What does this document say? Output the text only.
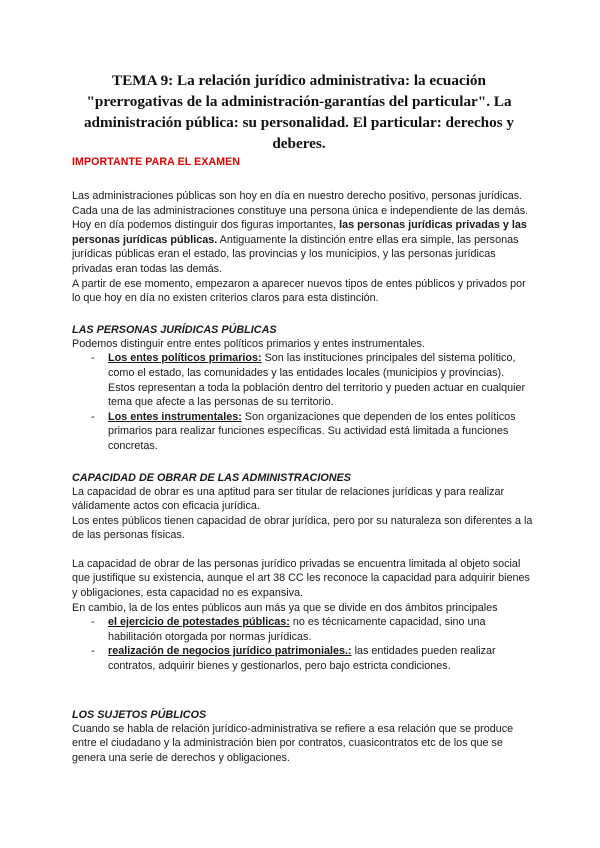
TEMA 9: La relación jurídico administrativa: la ecuación "prerrogativas de la administración-garantías del particular". La administración pública: su personalidad. El particular: derechos y deberes.
IMPORTANTE PARA EL EXAMEN

Las administraciones públicas son hoy en día en nuestro derecho positivo, personas jurídicas. Cada una de las administraciones constituye una persona única e independiente de las demás.

Hoy en día podemos distinguir dos figuras importantes, las personas jurídicas privadas y las personas jurídicas públicas. Antiguamente la distinción entre ellas era simple, las personas jurídicas públicas eran el estado, las provincias y los municipios, y las personas jurídicas privadas eran todas las demás.

A partir de ese momento, empezaron a aparecer nuevos tipos de entes públicos y privados por lo que hoy en día no existen criterios claros para esta distinción.

LAS PERSONAS JURÍDICAS PÚBLICAS

Podemos distinguir entre entes políticos primarios y entes instrumentales.

- Los entes políticos primarios: Son las instituciones principales del sistema político, como el estado, las comunidades y las entidades locales (municipios y provincias). Estos representan a toda la población dentro del territorio y pueden actuar en cualquier tema que afecte a las personas de su territorio.
- Los entes instrumentales: Son organizaciones que dependen de los entes políticos primarios para realizar funciones específicas. Su actividad está limitada a funciones concretas.
CAPACIDAD DE OBRAR DE LAS ADMINISTRACIONES

La capacidad de obrar es una aptitud para ser titular de relaciones jurídicas y para realizar válidamente actos con eficacia jurídica.

Los entes públicos tienen capacidad de obrar jurídica, pero por su naturaleza son diferentes a la de las personas físicas.

La capacidad de obrar de las personas jurídico privadas se encuentra limitada al objeto social que justifique su existencia, aunque el art 38 CC les reconoce la capacidad para adquirir bienes y obligaciones, esta capacidad no es expansiva.

En cambio, la de los entes públicos aun más ya que se divide en dos ámbitos principales

- el ejercicio de potestades públicas: no es técnicamente capacidad, sino una habilitación otorgada por normas jurídicas.
- realización de negocios jurídico patrimoniales.: las entidades pueden realizar contratos, adquirir bienes y gestionarlos, pero bajo estricta condiciones.
LOS SUJETOS PÚBLICOS

Cuando se habla de relación jurídico-administrativa se refiere a esa relación que se produce entre el ciudadano y la administración bien por contratos, cuasicontratos etc de los que se genera una serie de derechos y obligaciones.
